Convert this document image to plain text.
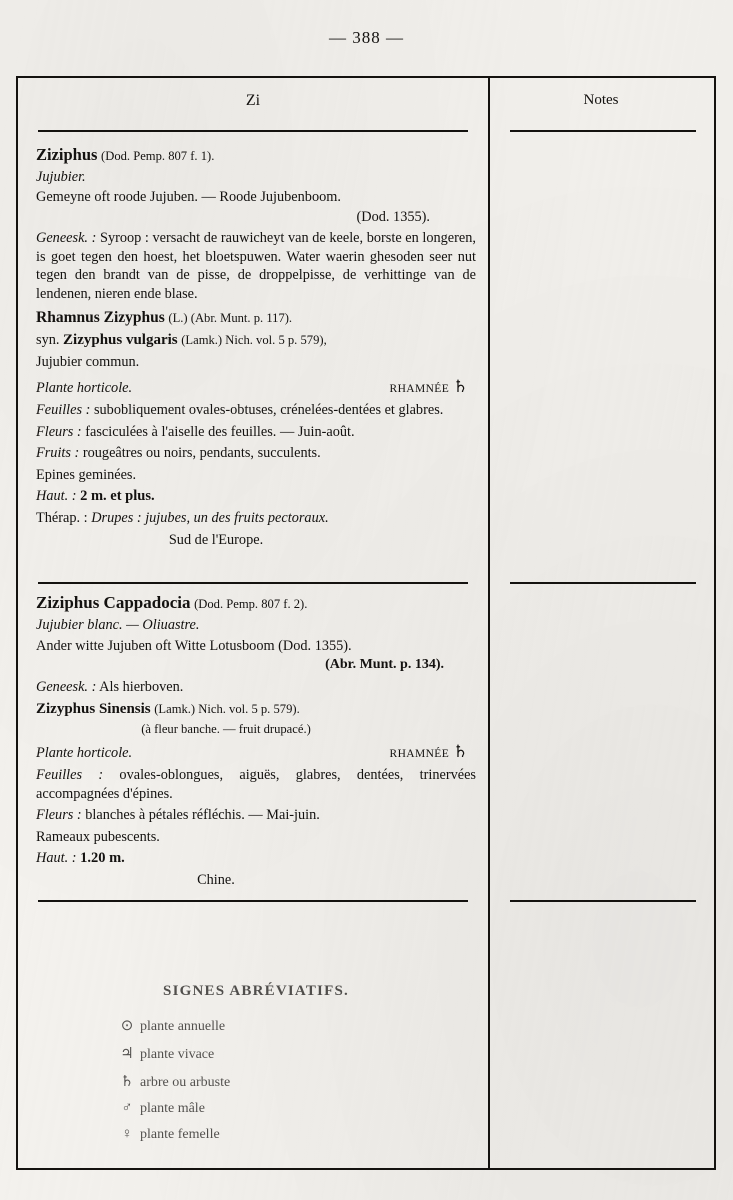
— 388 —
Zi	Notes

Ziziphus (Dod. Pemp. 807 f. 1).

Jujubier.

Gemeyne oft roode Jujuben. — Roode Jujubenboom.

(Dod. 1355).

Geneesk. : Syroop : versacht de rauwicheyt van de keele, borste en longeren, is goet tegen den hoest, het bloetspuwen. Water waerin ghesoden seer nut tegen den brandt van de pisse, de droppelpisse, de verhittinge van de lendenen, nieren ende blase.

Rhamnus Zizyphus (L.) (Abr. Munt. p. 117).

syn. Zizyphus vulgaris (Lamk.) Nich. vol. 5 p. 579),

Jujubier commun.

Plante horticole.	RHAMNÉE ♄

Feuilles : subobliquement ovales-obtuses, crénelées-dentées et glabres.

Fleurs : fasciculées à l'aiselle des feuilles. — Juin-août.

Fruits : rougeâtres ou noirs, pendants, succulents.

Epines geminées.

Haut. : 2 m. et plus.

Thérap. : Drupes : jujubes, un des fruits pectoraux.

Sud de l'Europe.

Ziziphus Cappadocia (Dod. Pemp. 807 f. 2).

Jujubier blanc. — Oliuastre.

Ander witte Jujuben oft Witte Lotusboom (Dod. 1355).

(Abr. Munt. p. 134).

Geneesk. : Als hierboven.

Zizyphus Sinensis (Lamk.) Nich. vol. 5 p. 579).

(à fleur banche. — fruit drupacé.)

Plante horticole.	RHAMNÉE ♄

Feuilles : ovales-oblongues, aiguës, glabres, dentées, trinervées accompagnées d'épines.

Fleurs : blanches à pétales réfléchis. — Mai-juin.

Rameaux pubescents.

Haut. : 1.20 m.

Chine.

SIGNES ABRÉVIATIFS.
⊙ plante annuelle
♃ plante vivace
♄ arbre ou arbuste
♂ plante mâle
♀ plante femelle
